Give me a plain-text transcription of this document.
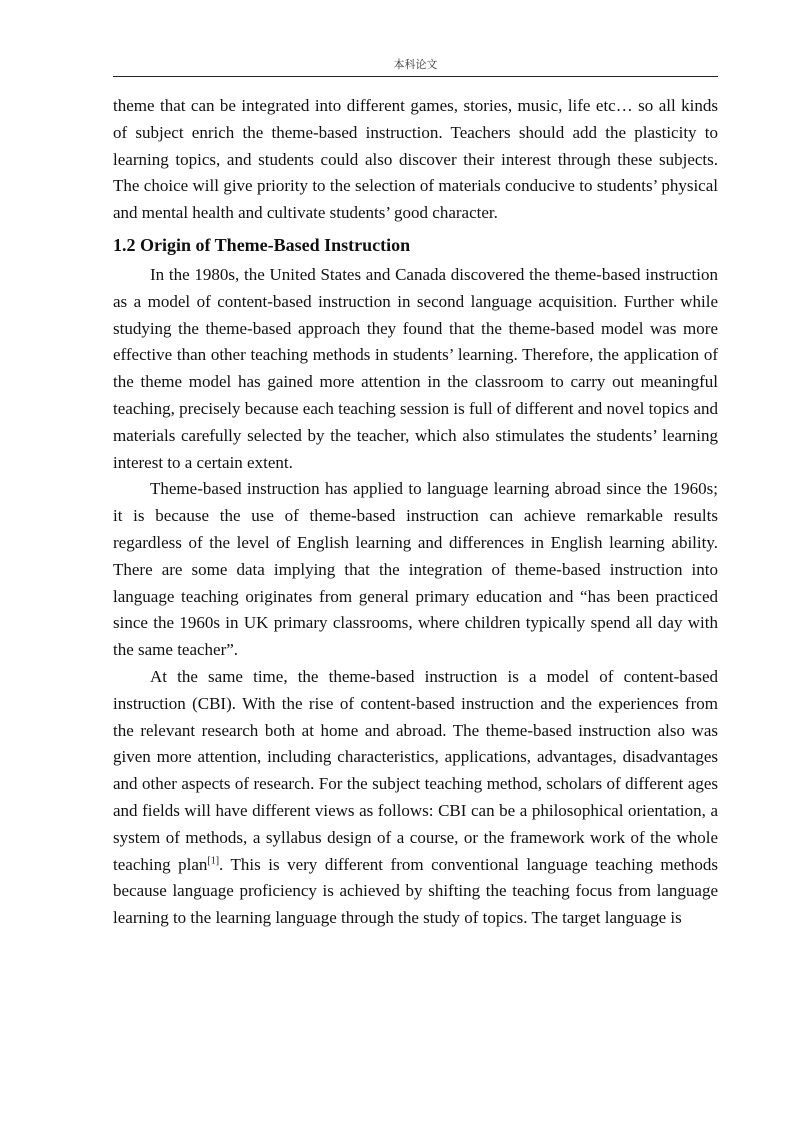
本科论文

theme that can be integrated into different games, stories, music, life etc… so all kinds of subject enrich the theme-based instruction. Teachers should add the plasticity to learning topics, and students could also discover their interest through these subjects. The choice will give priority to the selection of materials conducive to students’ physical and mental health and cultivate students’ good character.

1.2 Origin of Theme-Based Instruction

In the 1980s, the United States and Canada discovered the theme-based instruction as a model of content-based instruction in second language acquisition. Further while studying the theme-based approach they found that the theme-based model was more effective than other teaching methods in students’ learning. Therefore, the application of the theme model has gained more attention in the classroom to carry out meaningful teaching, precisely because each teaching session is full of different and novel topics and materials carefully selected by the teacher, which also stimulates the students’ learning interest to a certain extent.

Theme-based instruction has applied to language learning abroad since the 1960s; it is because the use of theme-based instruction can achieve remarkable results regardless of the level of English learning and differences in English learning ability. There are some data implying that the integration of theme-based instruction into language teaching originates from general primary education and “has been practiced since the 1960s in UK primary classrooms, where children typically spend all day with the same teacher”.

At the same time, the theme-based instruction is a model of content-based instruction (CBI). With the rise of content-based instruction and the experiences from the relevant research both at home and abroad. The theme-based instruction also was given more attention, including characteristics, applications, advantages, disadvantages and other aspects of research. For the subject teaching method, scholars of different ages and fields will have different views as follows: CBI can be a philosophical orientation, a system of methods, a syllabus design of a course, or the framework work of the whole teaching plan[1]. This is very different from conventional language teaching methods because language proficiency is achieved by shifting the teaching focus from language learning to the learning language through the study of topics. The target language is
